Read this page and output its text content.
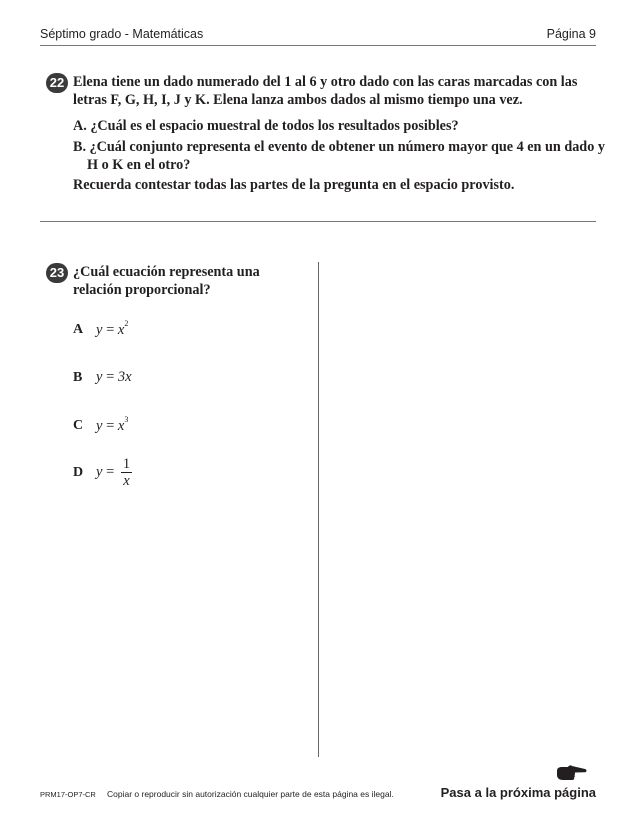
Séptimo grado - Matemáticas	Página 9
22 Elena tiene un dado numerado del 1 al 6 y otro dado con las caras marcadas con las letras F, G, H, I, J y K. Elena lanza ambos dados al mismo tiempo una vez.
A. ¿Cuál es el espacio muestral de todos los resultados posibles?
B. ¿Cuál conjunto representa el evento de obtener un número mayor que 4 en un dado y H o K en el otro?
Recuerda contestar todas las partes de la pregunta en el espacio provisto.
23 ¿Cuál ecuación representa una relación proporcional?
A $y = x^2$
B y = 3x
C $y = x^3$
D $y = \frac{1}{x}$
PRM17-OP7-CR Copiar o reproducir sin autorización cualquier parte de esta página es ilegal.	Pasa a la próxima página
